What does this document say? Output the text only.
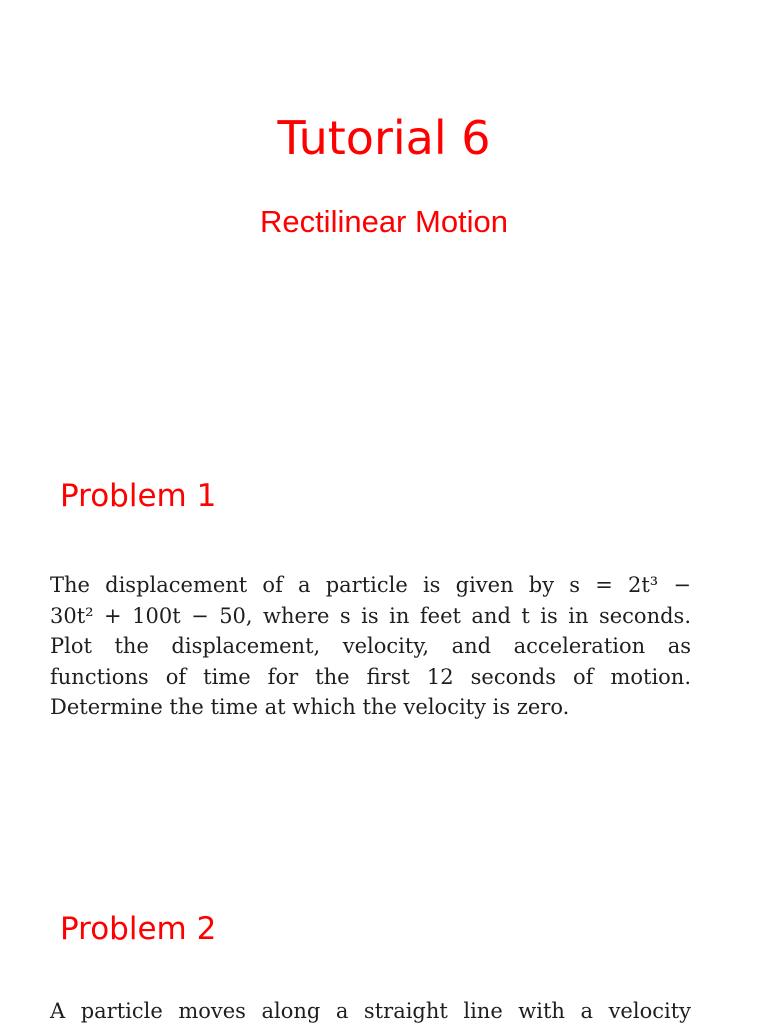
Tutorial 6
Rectilinear Motion
Problem 1
The displacement of a particle is given by s = 2t³ −
30t² + 100t − 50, where s is in feet and t is in seconds.
Plot the displacement, velocity, and acceleration as
functions of time for the first 12 seconds of motion.
Determine the time at which the velocity is zero.
Problem 2
A particle moves along a straight line with a velocity
